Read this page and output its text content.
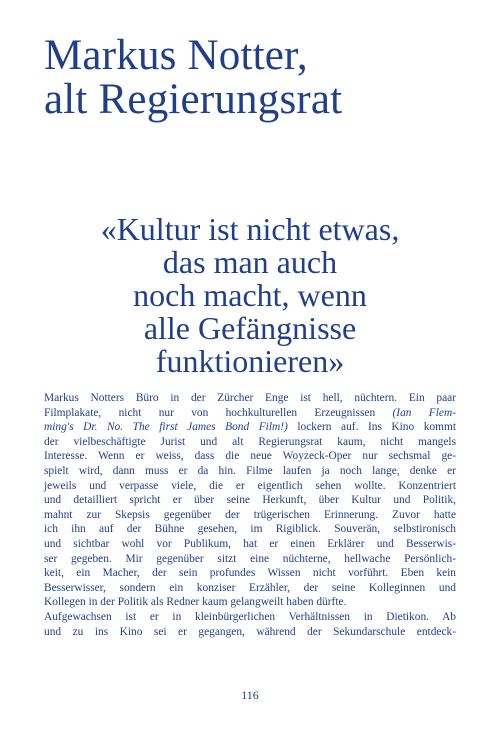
Markus Notter,
alt Regierungsrat
«Kultur ist nicht etwas,
das man auch
noch macht, wenn
alle Gefängnisse
funktionieren»
Markus Notters Büro in der Zürcher Enge ist hell, nüchtern. Ein paar
Filmplakate, nicht nur von hochkulturellen Erzeugnissen (Ian Flem-
ming's Dr. No. The first James Bond Film!) lockern auf. Ins Kino kommt
der vielbeschäftigte Jurist und alt Regierungsrat kaum, nicht mangels
Interesse. Wenn er weiss, dass die neue Woyzeck-Oper nur sechsmal ge-
spielt wird, dann muss er da hin. Filme laufen ja noch lange, denke er
jeweils und verpasse viele, die er eigentlich sehen wollte. Konzentriert
und detailliert spricht er über seine Herkunft, über Kultur und Politik,
mahnt zur Skepsis gegenüber der trügerischen Erinnerung. Zuvor hatte
ich ihn auf der Bühne gesehen, im Rigiblick. Souverän, selbstironisch
und sichtbar wohl vor Publikum, hat er einen Erklärer und Besserwis-
ser gegeben. Mir gegenüber sitzt eine nüchterne, hellwache Persönlich-
keit, ein Macher, der sein profundes Wissen nicht vorführt. Eben kein
Besserwisser, sondern ein konziser Erzähler, der seine Kolleginnen und
Kollegen in der Politik als Redner kaum gelangweilt haben dürfte.
Aufgewachsen ist er in kleinbürgerlichen Verhältnissen in Dietikon. Ab
und zu ins Kino sei er gegangen, während der Sekundarschule entdeck-
116
